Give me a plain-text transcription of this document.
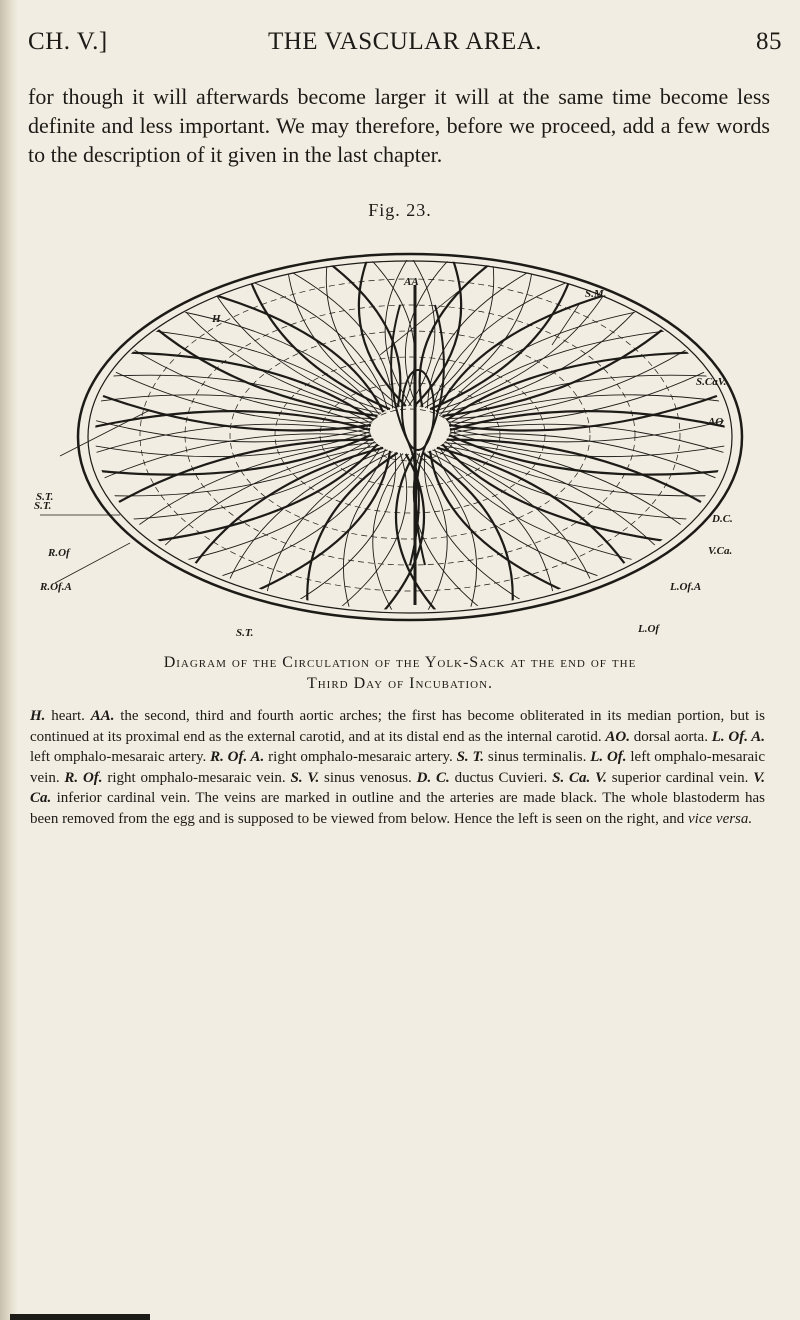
CH. V.]	THE VASCULAR AREA.	85

for though it will afterwards become larger it will at the same time become less definite and less important. We may therefore, before we proceed, add a few words to the description of it given in the last chapter.

Fig. 23.
AA
S.M.
H
S.CaV.
AO
S.T.
S.T.
D.C.
V.Ca.
R.Of
L.Of.A
R.Of.A
S.T.	L.Of
Diagram of the Circulation of the Yolk-Sack at the end of the
Third Day of Incubation.

H. heart. AA. the second, third and fourth aortic arches; the first has become obliterated in its median portion, but is continued at its proximal end as the external carotid, and at its distal end as the internal carotid. AO. dorsal aorta. L. Of. A. left omphalo-mesaraic artery. R. Of. A. right omphalo-mesaraic artery. S. T. sinus terminalis. L. Of. left omphalo-mesaraic vein. R. Of. right omphalo-mesaraic vein. S. V. sinus venosus. D. C. ductus Cuvieri. S. Ca. V. superior cardinal vein. V. Ca. inferior cardinal vein. The veins are marked in outline and the arteries are made black. The whole blastoderm has been removed from the egg and is supposed to be viewed from below. Hence the left is seen on the right, and vice versa.
